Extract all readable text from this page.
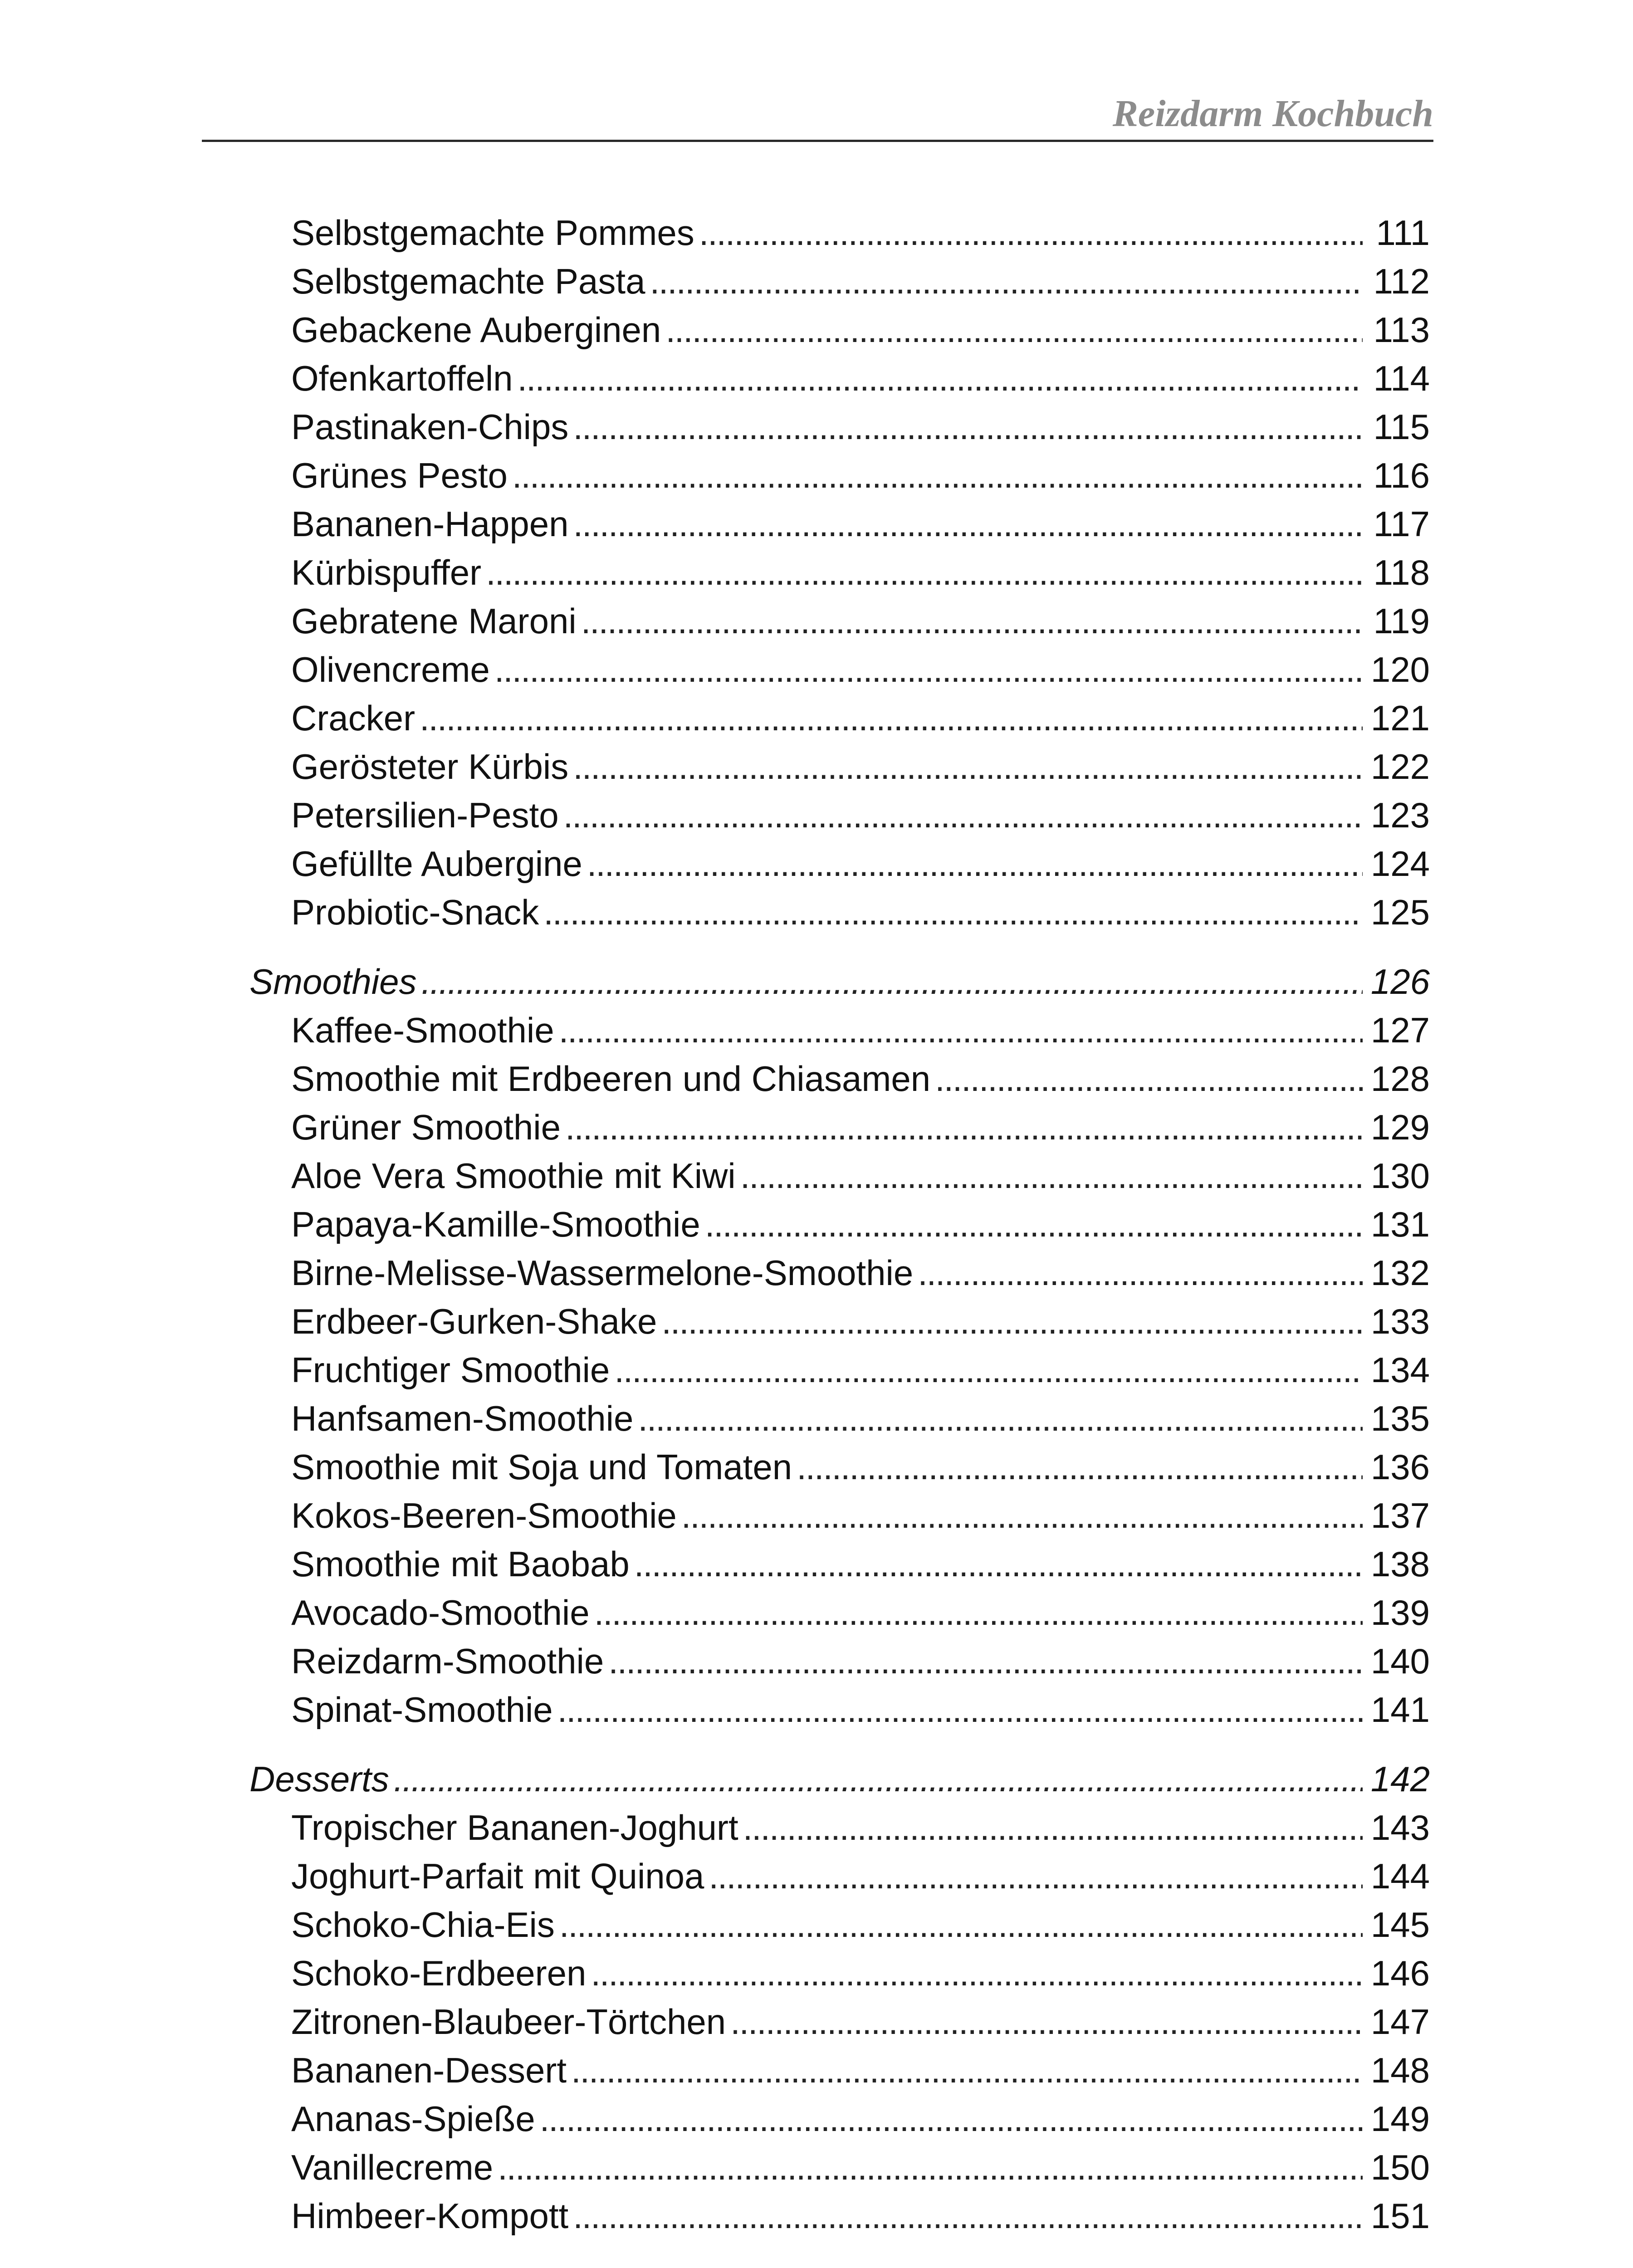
Reizdarm Kochbuch
Selbstgemachte Pommes . . .	111
Selbstgemachte Pasta . . .	112
Gebackene Auberginen . . .	113
Ofenkartoffeln . . .	114
Pastinaken-Chips . . .	115
Grünes Pesto . . .	116
Bananen-Happen . . .	117
Kürbispuffer . . .	118
Gebratene Maroni . . .	119
Olivencreme . . .	120
Cracker . . .	121
Gerösteter Kürbis . . .	122
Petersilien-Pesto . . .	123
Gefüllte Aubergine . . .	124
Probiotic-Snack . . .	125
Smoothies . . .	126
Kaffee-Smoothie . . .	127
Smoothie mit Erdbeeren und Chiasamen . . .	128
Grüner Smoothie . . .	129
Aloe Vera Smoothie mit Kiwi . . .	130
Papaya-Kamille-Smoothie . . .	131
Birne-Melisse-Wassermelone-Smoothie . . .	132
Erdbeer-Gurken-Shake . . .	133
Fruchtiger Smoothie . . .	134
Hanfsamen-Smoothie . . .	135
Smoothie mit Soja und Tomaten . . .	136
Kokos-Beeren-Smoothie . . .	137
Smoothie mit Baobab . . .	138
Avocado-Smoothie . . .	139
Reizdarm-Smoothie . . .	140
Spinat-Smoothie . . .	141
Desserts . . .	142
Tropischer Bananen-Joghurt . . .	143
Joghurt-Parfait mit Quinoa . . .	144
Schoko-Chia-Eis . . .	145
Schoko-Erdbeeren . . .	146
Zitronen-Blaubeer-Törtchen . . .	147
Bananen-Dessert . . .	148
Ananas-Spieße . . .	149
Vanillecreme . . .	150
Himbeer-Kompott . . .	151
